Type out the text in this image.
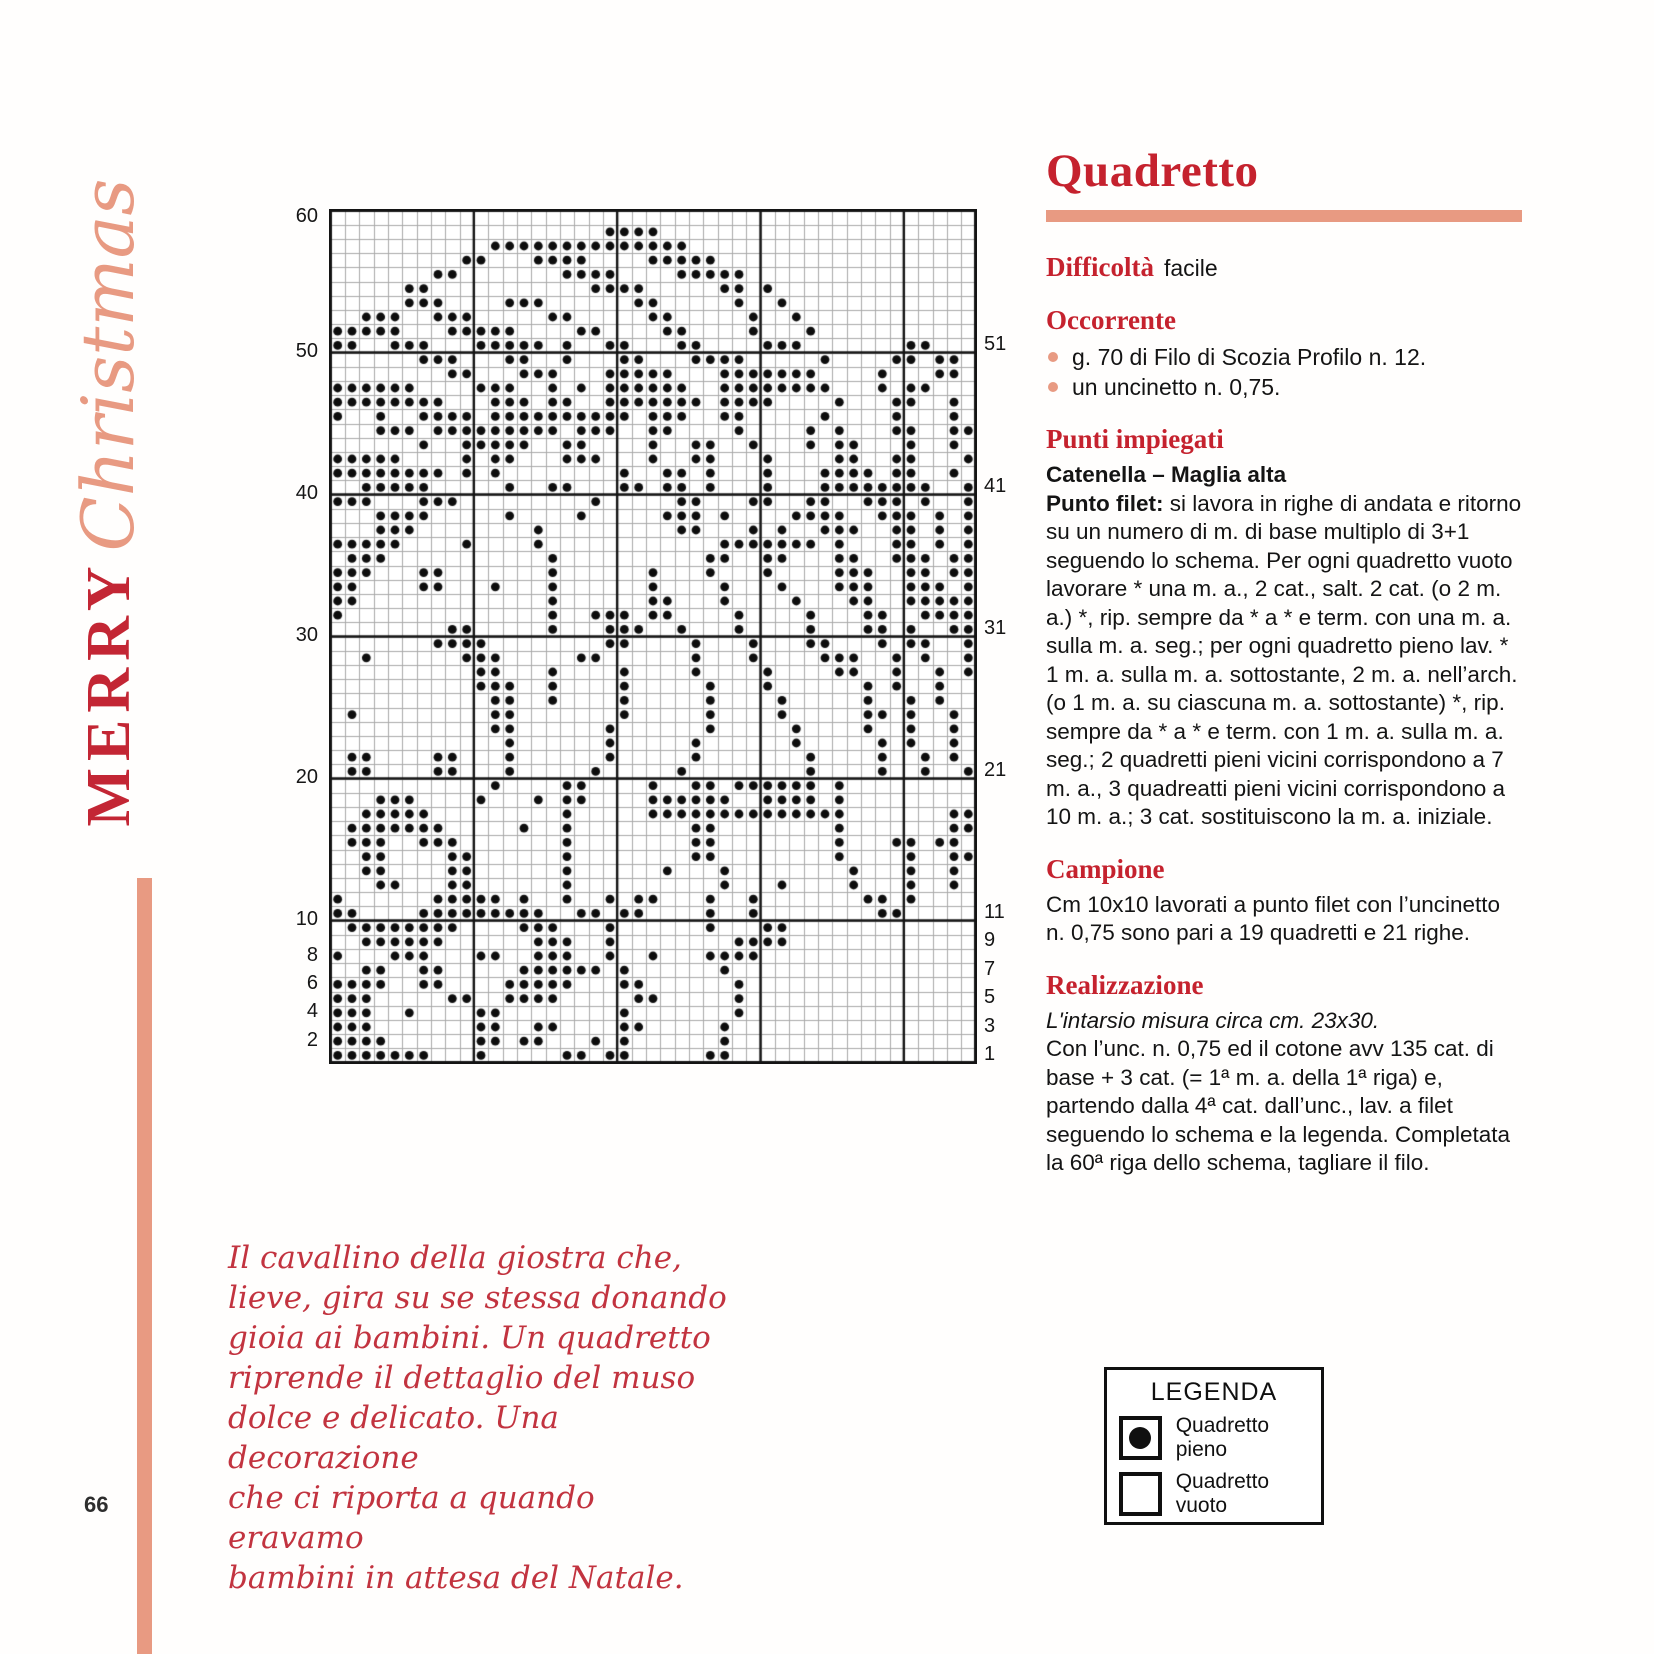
Christmas
MERRY
66
60
50
40
30
20
10
8
6
4
2
51
41
31
21
11
9
7
5
3
1
Quadretto
Difficoltà facile
Occorrente
g. 70 di Filo di Scozia Profilo n. 12.
un uncinetto n. 0,75.
Punti impiegati
Catenella – Maglia alta
Punto filet: si lavora in righe di andata e ritorno su un numero di m. di base multiplo di 3+1 seguendo lo schema. Per ogni quadretto vuoto lavorare * una m. a., 2 cat., salt. 2 cat. (o 2 m. a.) *, rip. sempre da * a * e term. con una m. a. sulla m. a. seg.; per ogni quadretto pieno lav. * 1 m. a. sulla m. a. sottostante, 2 m. a. nell’arch. (o 1 m. a. su ciascuna m. a. sottostante) *, rip. sempre da * a * e term. con 1 m. a. sulla m. a. seg.; 2 quadretti pieni vicini corrispondono a 7 m. a., 3 quadreatti pieni vicini corrispondono a 10 m. a.; 3 cat. sostituiscono la m. a. iniziale.
Campione
Cm 10x10 lavorati a punto filet con l’uncinetto n. 0,75 sono pari a 19 quadretti e 21 righe.
Realizzazione
L'intarsio misura circa cm. 23x30.
Con l’unc. n. 0,75 ed il cotone avv 135 cat. di base + 3 cat. (= 1ª m. a. della 1ª riga) e, partendo dalla 4ª cat. dall’unc., lav. a filet seguendo lo schema e la legenda. Completata la 60ª riga dello schema, tagliare il filo.
LEGENDA
Quadretto pieno
Quadretto vuoto
Il cavallino della giostra che,
lieve, gira su se stessa donando
gioia ai bambini. Un quadretto
riprende il dettaglio del muso
dolce e delicato. Una decorazione
che ci riporta a quando eravamo
bambini in attesa del Natale.
